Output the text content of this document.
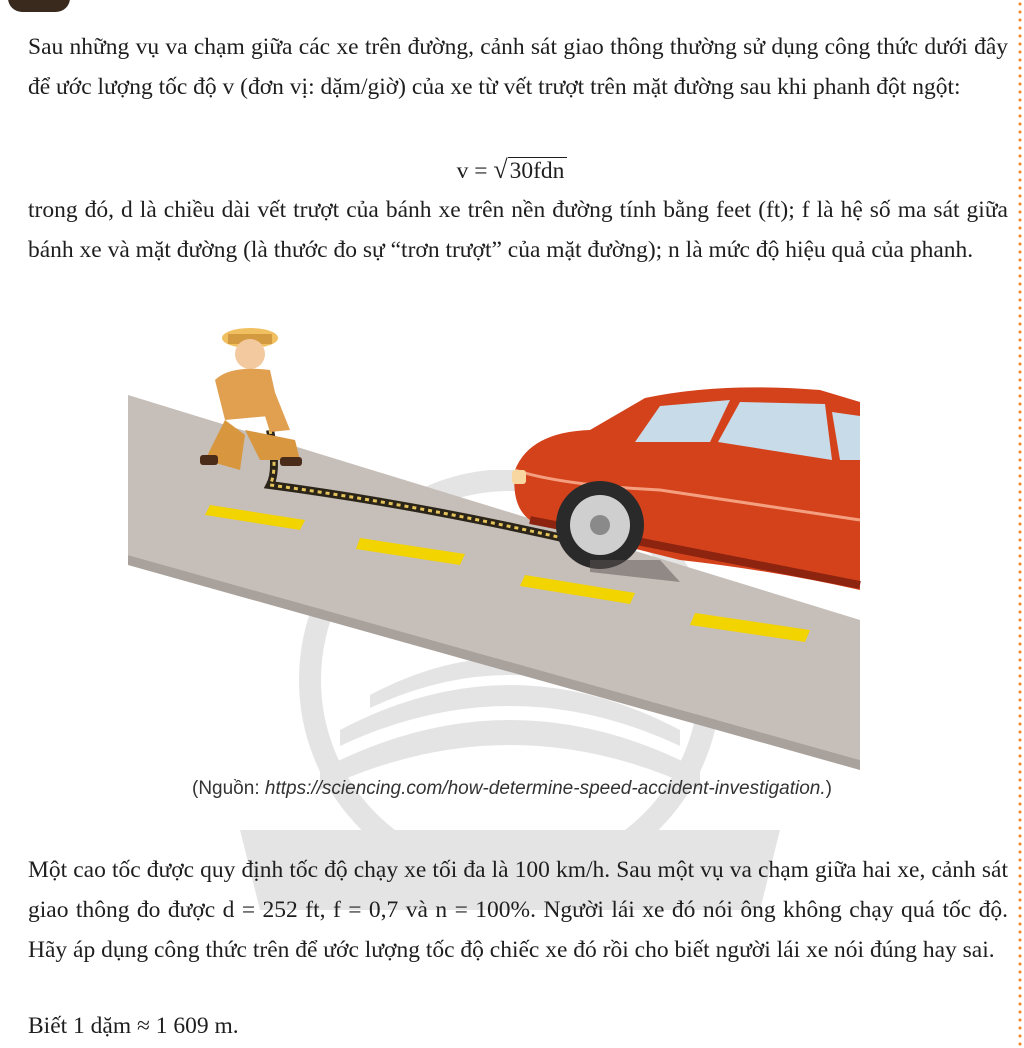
Sau những vụ va chạm giữa các xe trên đường, cảnh sát giao thông thường sử dụng công thức dưới đây để ước lượng tốc độ v (đơn vị: dặm/giờ) của xe từ vết trượt trên mặt đường sau khi phanh đột ngột:

v = √30fdn

trong đó, d là chiều dài vết trượt của bánh xe trên nền đường tính bằng feet (ft); f là hệ số ma sát giữa bánh xe và mặt đường (là thước đo sự “trơn trượt” của mặt đường); n là mức độ hiệu quả của phanh.

(Nguồn: https://sciencing.com/how-determine-speed-accident-investigation.)

Một cao tốc được quy định tốc độ chạy xe tối đa là 100 km/h. Sau một vụ va chạm giữa hai xe, cảnh sát giao thông đo được d = 252 ft, f = 0,7 và n = 100%. Người lái xe đó nói ông không chạy quá tốc độ. Hãy áp dụng công thức trên để ước lượng tốc độ chiếc xe đó rồi cho biết người lái xe nói đúng hay sai.

Biết 1 dặm ≈ 1 609 m.
